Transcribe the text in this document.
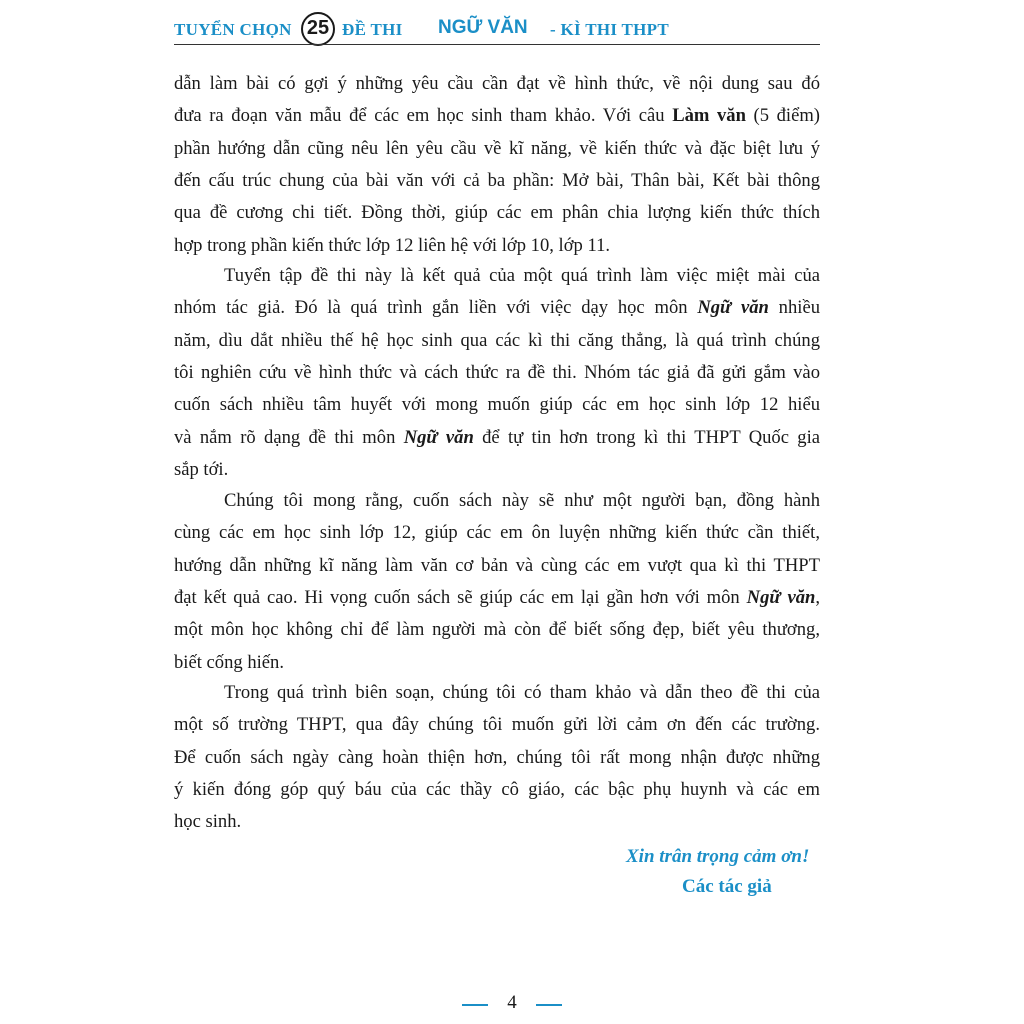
TUYỂN CHỌN 25 ĐỀ THI NGỮ VĂN - KÌ THI THPT
dẫn làm bài có gợi ý những yêu cầu cần đạt về hình thức, về nội dung sau đó
đưa ra đoạn văn mẫu để các em học sinh tham khảo. Với câu Làm văn (5 điểm)
phần hướng dẫn cũng nêu lên yêu cầu về kĩ năng, về kiến thức và đặc biệt lưu ý
đến cấu trúc chung của bài văn với cả ba phần: Mở bài, Thân bài, Kết bài thông
qua đề cương chi tiết. Đồng thời, giúp các em phân chia lượng kiến thức thích
hợp trong phần kiến thức lớp 12 liên hệ với lớp 10, lớp 11.
Tuyển tập đề thi này là kết quả của một quá trình làm việc miệt mài của
nhóm tác giả. Đó là quá trình gắn liền với việc dạy học môn Ngữ văn nhiều
năm, dìu dắt nhiều thế hệ học sinh qua các kì thi căng thẳng, là quá trình chúng
tôi nghiên cứu về hình thức và cách thức ra đề thi. Nhóm tác giả đã gửi gắm vào
cuốn sách nhiều tâm huyết với mong muốn giúp các em học sinh lớp 12 hiểu
và nắm rõ dạng đề thi môn Ngữ văn để tự tin hơn trong kì thi THPT Quốc gia
sắp tới.
Chúng tôi mong rằng, cuốn sách này sẽ như một người bạn, đồng hành
cùng các em học sinh lớp 12, giúp các em ôn luyện những kiến thức cần thiết,
hướng dẫn những kĩ năng làm văn cơ bản và cùng các em vượt qua kì thi THPT
đạt kết quả cao. Hi vọng cuốn sách sẽ giúp các em lại gần hơn với môn Ngữ văn,
một môn học không chỉ để làm người mà còn để biết sống đẹp, biết yêu thương,
biết cống hiến.
Trong quá trình biên soạn, chúng tôi có tham khảo và dẫn theo đề thi của
một số trường THPT, qua đây chúng tôi muốn gửi lời cảm ơn đến các trường.
Để cuốn sách ngày càng hoàn thiện hơn, chúng tôi rất mong nhận được những
ý kiến đóng góp quý báu của các thầy cô giáo, các bậc phụ huynh và các em
học sinh.
Xin trân trọng cảm ơn!
Các tác giả
4
